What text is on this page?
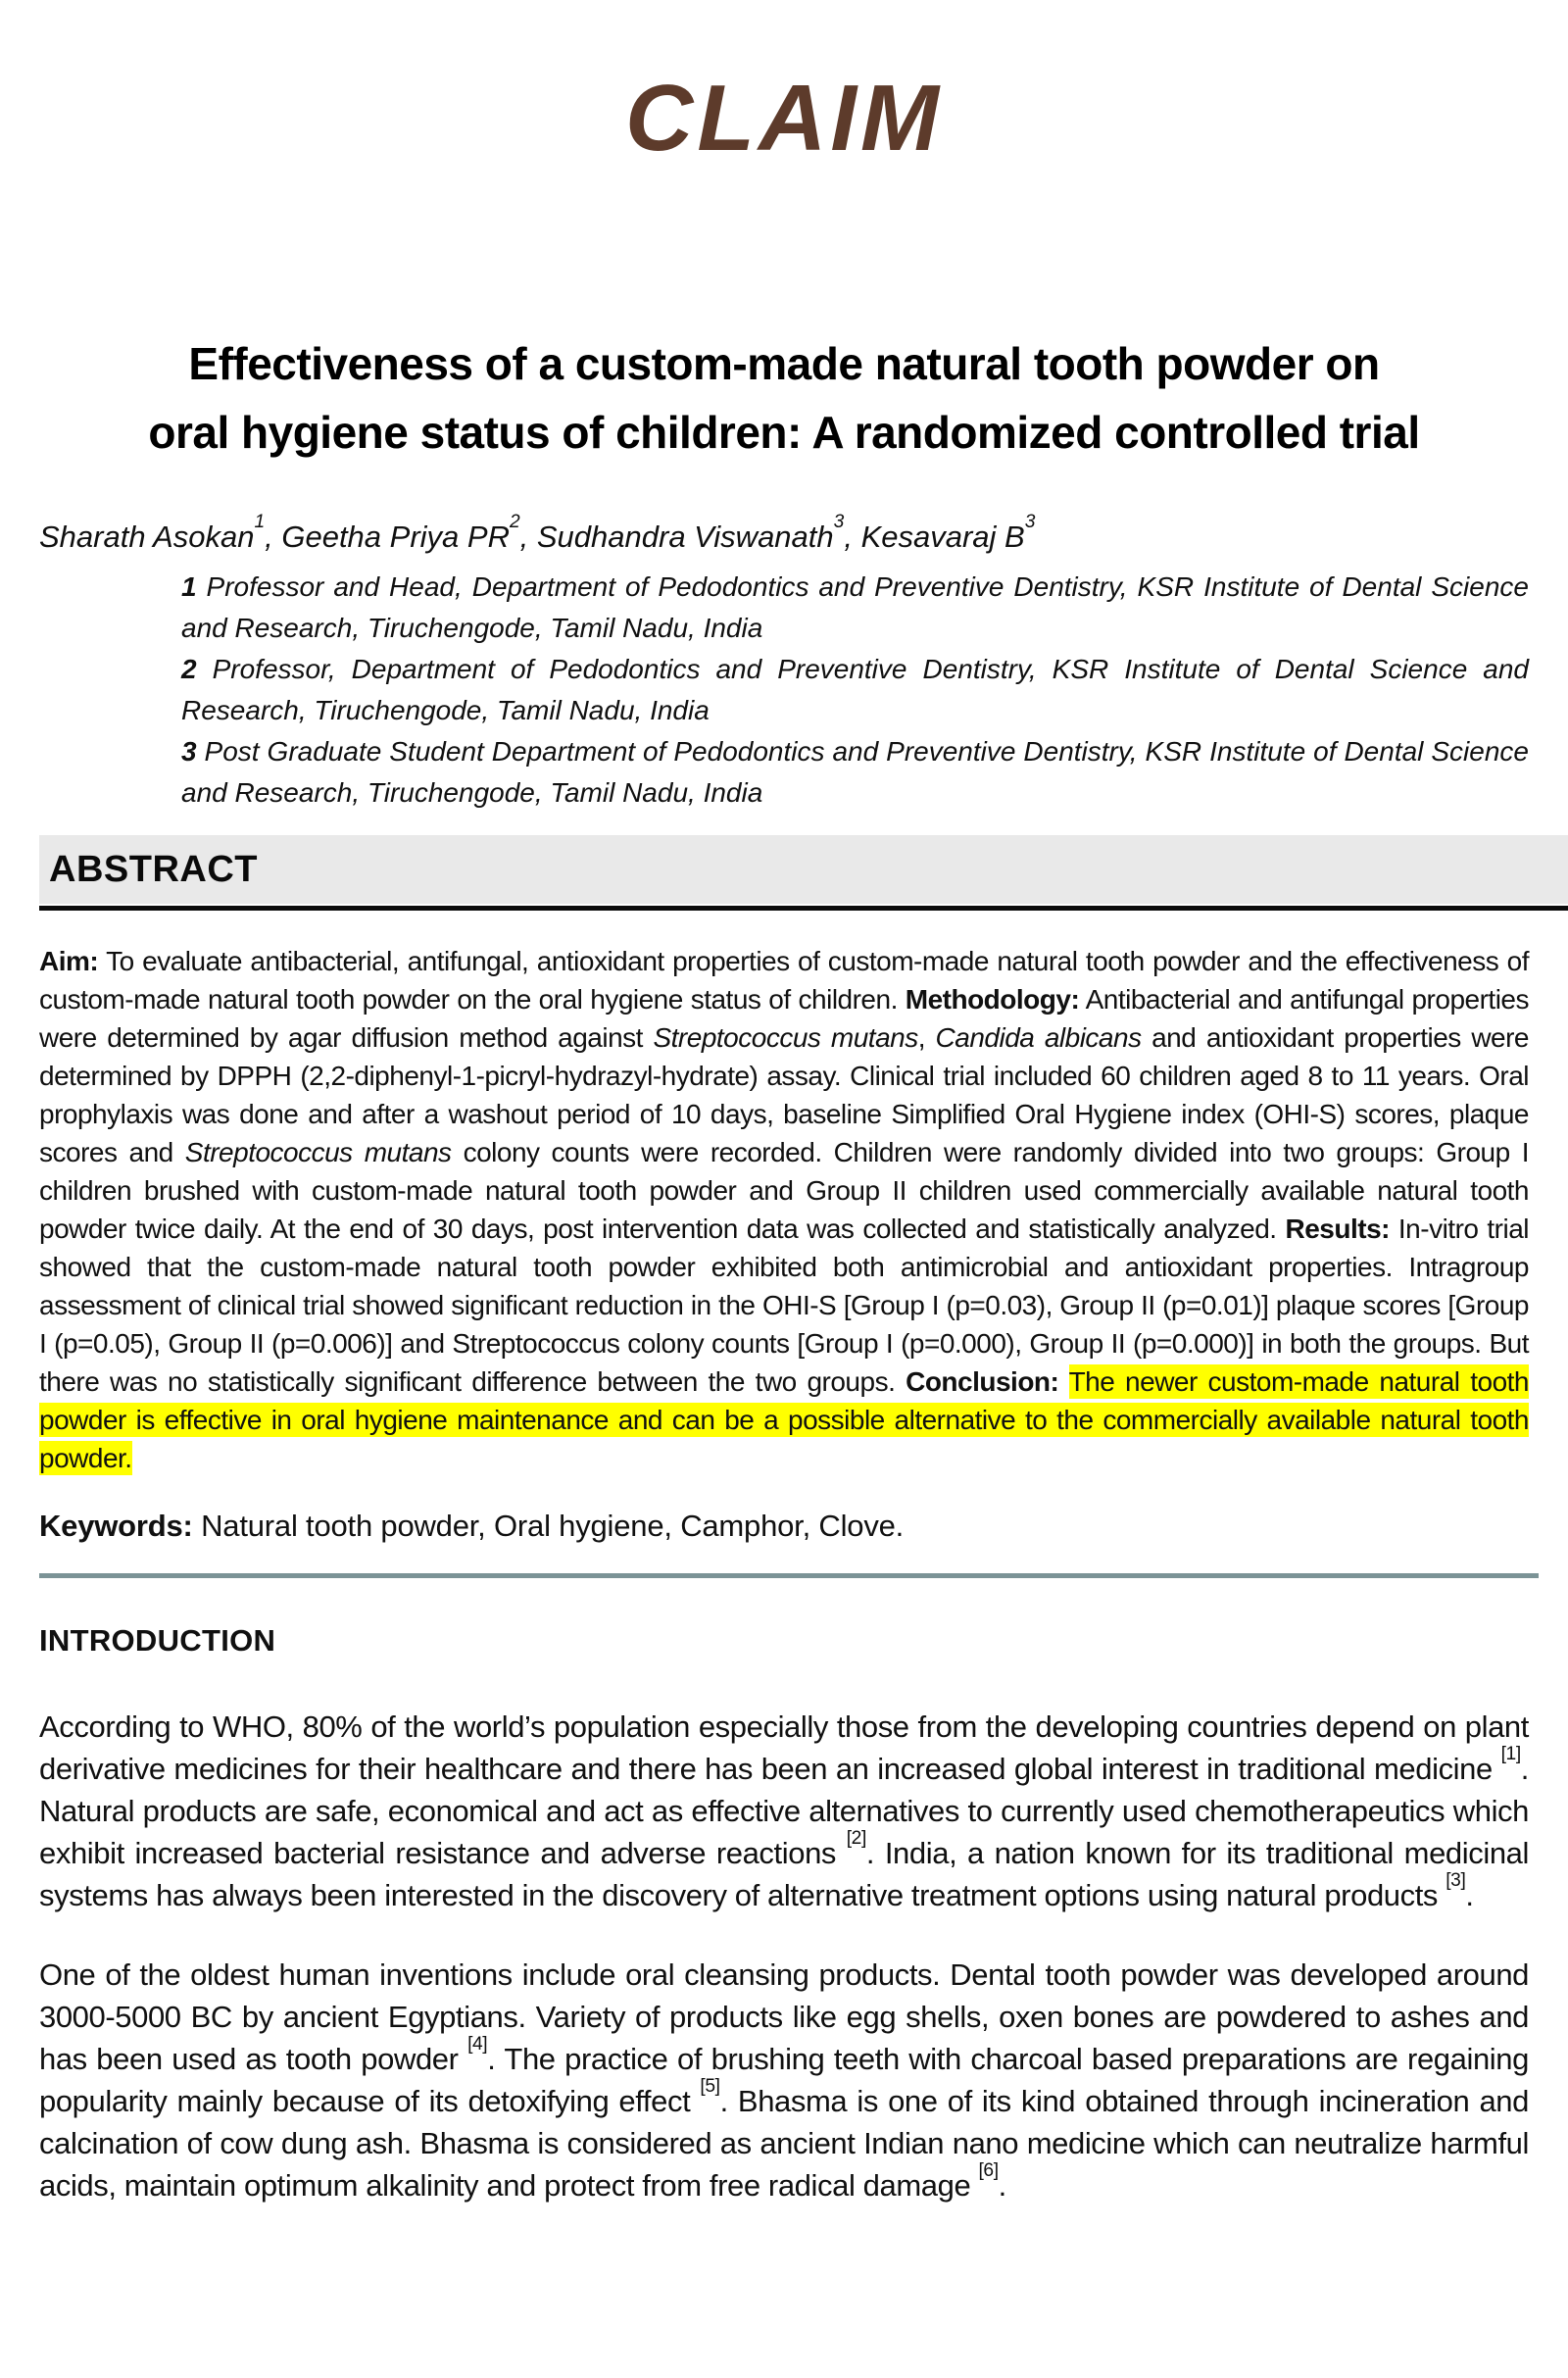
CLAIM
Effectiveness of a custom-made natural tooth powder on oral hygiene status of children: A randomized controlled trial

Sharath Asokan$^1$, Geetha Priya $PR^2$, Sudhandra Viswanath$^3$, Kesavaraj $B^3$

1 Professor and Head, Department of Pedodontics and Preventive Dentistry, KSR Institute of Dental Science and Research, Tiruchengode, Tamil Nadu, India

2 Professor, Department of Pedodontics and Preventive Dentistry, KSR Institute of Dental Science and Research, Tiruchengode, Tamil Nadu, India

3 Post Graduate Student Department of Pedodontics and Preventive Dentistry, KSR Institute of Dental Science and Research, Tiruchengode, Tamil Nadu, India

ABSTRACT

Aim: To evaluate antibacterial, antifungal, antioxidant properties of custom-made natural tooth powder and the effectiveness of custom-made natural tooth powder on the oral hygiene status of children. Methodology: Antibacterial and antifungal properties were determined by agar diffusion method against Streptococcus mutans, Candida albicans and antioxidant properties were determined by DPPH (2,2-diphenyl-1-picryl-hydrazyl-hydrate) assay. Clinical trial included 60 children aged 8 to 11 years. Oral prophylaxis was done and after a washout period of 10 days, baseline Simplified Oral Hygiene index (OHI-S) scores, plaque scores and Streptococcus mutans colony counts were recorded. Children were randomly divided into two groups: Group I children brushed with custom-made natural tooth powder and Group II children used commercially available natural tooth powder twice daily. At the end of 30 days, post intervention data was collected and statistically analyzed. Results: In-vitro trial showed that the custom-made natural tooth powder exhibited both antimicrobial and antioxidant properties. Intragroup assessment of clinical trial showed significant reduction in the OHI-S [Group I (p=0.03), Group II (p=0.01)] plaque scores [Group I (p=0.05), Group II (p=0.006)] and Streptococcus colony counts [Group I (p=0.000), Group II (p=0.000)] in both the groups. But there was no statistically significant difference between the two groups. Conclusion: The newer custom-made natural tooth powder is effective in oral hygiene maintenance and can be a possible alternative to the commercially available natural tooth powder.

Keywords: Natural tooth powder, Oral hygiene, Camphor, Clove.

INTRODUCTION

According to WHO, 80% of the world’s population especially those from the developing countries depend on plant derivative medicines for their healthcare and there has been an increased global interest in traditional medicine [1]. Natural products are safe, economical and act as effective alternatives to currently used chemotherapeutics which exhibit increased bacterial resistance and adverse reactions [2]. India, a nation known for its traditional medicinal systems has always been interested in the discovery of alternative treatment options using natural products [3].

One of the oldest human inventions include oral cleansing products. Dental tooth powder was developed around 3000-5000 BC by ancient Egyptians. Variety of products like egg shells, oxen bones are powdered to ashes and has been used as tooth powder [4]. The practice of brushing teeth with charcoal based preparations are regaining popularity mainly because of its detoxifying effect [5]. Bhasma is one of its kind obtained through incineration and calcination of cow dung ash. Bhasma is considered as ancient Indian nano medicine which can neutralize harmful acids, maintain optimum alkalinity and protect from free radical damage [6].
